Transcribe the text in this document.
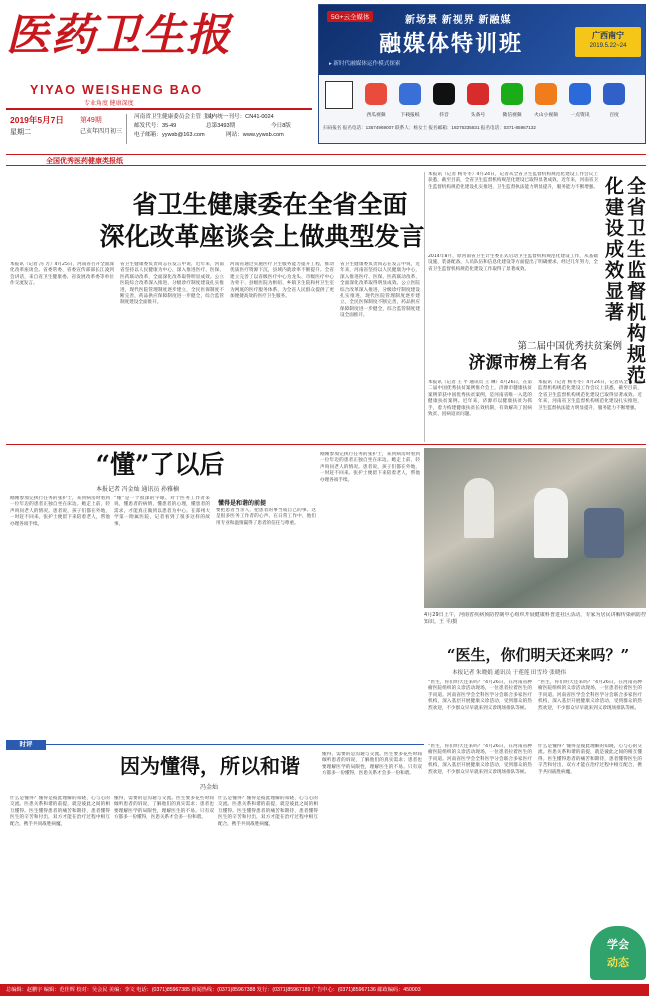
医药卫生报
YIYAO WEISHENG BAO
专业角度 健康深度
2019年5月7日
星期二
第49期
己亥年四月初三
河南省卫生健康委员会主管 主办
国内统一刊号：CN41-0024
邮发代号：35-49	总第3493期	今日8版
电子邮箱：yywsb@163.com	网站：www.yywsb.com
全国优秀医药健康类报纸
5G+云全媒体	新场景 新视界 新融媒
融媒体特训班	广西南宁
2019.5.22~24
▸ 新时代融媒体运作模式探索
西瓜视频	下载报纸	抖音	头条号	微信视频	火山小视频	一点资讯	百度
扫码报名 报名电话：13574969007 联系人：杨女士 报名邮箱：18275335831 报名电话：0371-85967132
省卫生健康委在全省全面
深化改革座谈会上做典型发言
本报讯（记者 冯 芳）4月25日，河南省召开全面深化改革座谈会。省委常委、省委宣传部部长江凌到会讲话，来自省卫生健康委、省发展改革委等单位作交流发言。
省卫生健康委负责同志在发言中说，近年来，河南省坚持以人民健康为中心，深入推进医疗、医保、医药联动改革，全面深化改革取得明显成效。公立医院综合改革深入推进，分级诊疗制度建设扎实推进，现代医院管理制度逐步建立，全民医保制度不断完善，药品供应保障制度进一步健全，综合监管制度建设全面推开。
河南省通过实施医疗卫生服务能力提升工程，推动优质医疗资源下沉，县域内就诊率不断提升。全省建立完善了以省级医疗中心为龙头、市级医疗中心为骨干、县级医院为枢纽、乡镇卫生院和村卫生室为网底的医疗服务体系，为全省人民群众提供了更加便捷高效的医疗卫生服务。
省卫生健康委负责同志在发言中说，近年来，河南省坚持以人民健康为中心，深入推进医疗、医保、医药联动改革，全面深化改革取得明显成效。公立医院综合改革深入推进，分级诊疗制度建设扎实推进，现代医院管理制度逐步建立，全民医保制度不断完善，药品供应保障制度进一步健全，综合监管制度建设全面推开。
本报讯（记者 杨冬冬）4月24日，记者从全省卫生监督机构规范化建设工作会议上获悉，截至目前，全省卫生监督机构规范化建设已取得显著成效。近年来，河南省卫生监督机构规范化建设扎实推进，卫生监督执法能力明显提升，服务能力不断增强。
2014年8月，原河南省卫生计生委正式启动卫生监督机构规范化建设工作，从基础设施、装备配备、人员队伍和信息化建设等方面提出了明确要求。经过几年努力，全省卫生监督机构规范化建设工作取得了显著成效。	全省卫生监督机构规范化建设成效显著
第二届中国优秀扶贫案例
济源市榜上有名
本报讯（记者 王 平 通讯员 王 琳）4月26日，在第二届中国优秀扶贫案例推介会上，济源市健康扶贫案例荣获中国优秀扶贫案例，是河南省唯一入选的健康扶贫案例。近年来，济源市以健康扶贫为抓手，着力构建健康扶贫长效机制，有效解决了因病致贫、因病返贫问题。
本报讯（记者 杨冬冬）4月24日，记者从全省卫生监督机构规范化建设工作会议上获悉，截至目前，全省卫生监督机构规范化建设已取得显著成效。近年来，河南省卫生监督机构规范化建设扎实推进，卫生监督执法能力明显提升，服务能力不断增强。
“懂”了以后
本报记者 冯金灿 通讯员 孙雅楠
刚刚参加完执行任务的张护士，来到病房时看到一位年迈的患者正独自坐在床边。她走上前，轻声询问老人的情况。患者说，孩子们都在外地，一时赶不回来。张护士便留下来陪着老人，帮他办理各项手续。
“懂”是一个很深的字眼。对于医务工作者来说，懂患者的病情，懂患者的心理，懂患者的需求，才能真正做到以患者为中心。在郑州大学第一附属医院，记者看到了很多这样的故事。
懂得是和谐的前提
要把患者当亲人，把患者的事当成自己的事。这是很多医务工作者的心声。在日常工作中，他们用专业和温情赢得了患者的信任与尊重。
刚刚参加完执行任务的张护士，来到病房时看到一位年迈的患者正独自坐在床边。她走上前，轻声询问老人的情况。患者说，孩子们都在外地，一时赶不回来。张护士便留下来陪着老人，帮他办理各项手续。
4月29日上午，河南省疾病预防控制中心组织开展健康科普进社区活动，专家为居民讲解传染病防控知识。王 平/摄
“医生，你们明天还来吗？”
本报记者 朱晓娟 通讯员 于莲莲 田雪玲 张晓伟
“医生，你们明天还来吗？”4月26日，在河南省肿瘤医院组织的义诊活动现场，一位患者拉着医生的手问道。河南省医学会全科医学分会联合多家医疗机构，深入基层开展健康义诊活动，受到群众的热烈欢迎，不少群众早早就来到义诊现场排队等候。
“医生，你们明天还来吗？”4月26日，在河南省肿瘤医院组织的义诊活动现场，一位患者拉着医生的手问道。河南省医学会全科医学分会联合多家医疗机构，深入基层开展健康义诊活动，受到群众的热烈欢迎，不少群众早早就来到义诊现场排队等候。
时评
因为懂得，所以和谐
冯金灿
什么是懂得？懂得是彼此理解的知晓，心与心的交流。医患关系和谐的前提，就是彼此之间的相互懂得。医生懂得患者的痛苦和期待，患者懂得医生的辛苦和付出，双方才能在治疗过程中相互配合，携手共同战胜病魔。
懂得，需要的是沟通与交流。医生要多花些时间倾听患者的诉说，了解他们的真实需求；患者也要理解医学的局限性，理解医生的不易。只有双方都多一份懂得，医患关系才会多一份和谐。
什么是懂得？懂得是彼此理解的知晓，心与心的交流。医患关系和谐的前提，就是彼此之间的相互懂得。医生懂得患者的痛苦和期待，患者懂得医生的辛苦和付出，双方才能在治疗过程中相互配合，携手共同战胜病魔。
懂得，需要的是沟通与交流。医生要多花些时间倾听患者的诉说，了解他们的真实需求；患者也要理解医学的局限性，理解医生的不易。只有双方都多一份懂得，医患关系才会多一份和谐。
“医生，你们明天还来吗？”4月26日，在河南省肿瘤医院组织的义诊活动现场，一位患者拉着医生的手问道。河南省医学会全科医学分会联合多家医疗机构，深入基层开展健康义诊活动，受到群众的热烈欢迎，不少群众早早就来到义诊现场排队等候。
什么是懂得？懂得是彼此理解的知晓，心与心的交流。医患关系和谐的前提，就是彼此之间的相互懂得。医生懂得患者的痛苦和期待，患者懂得医生的辛苦和付出，双方才能在治疗过程中相互配合，携手共同战胜病魔。
学会
动态
总编辑：赵鹏宇 编辑：范佳辉 校对：吴会民 美编：李文 电话：(0371)85967385 新闻热线：(0371)85967388 发行：(0371)85967189 广告中心：(0371)85967136 邮政编码：450003
